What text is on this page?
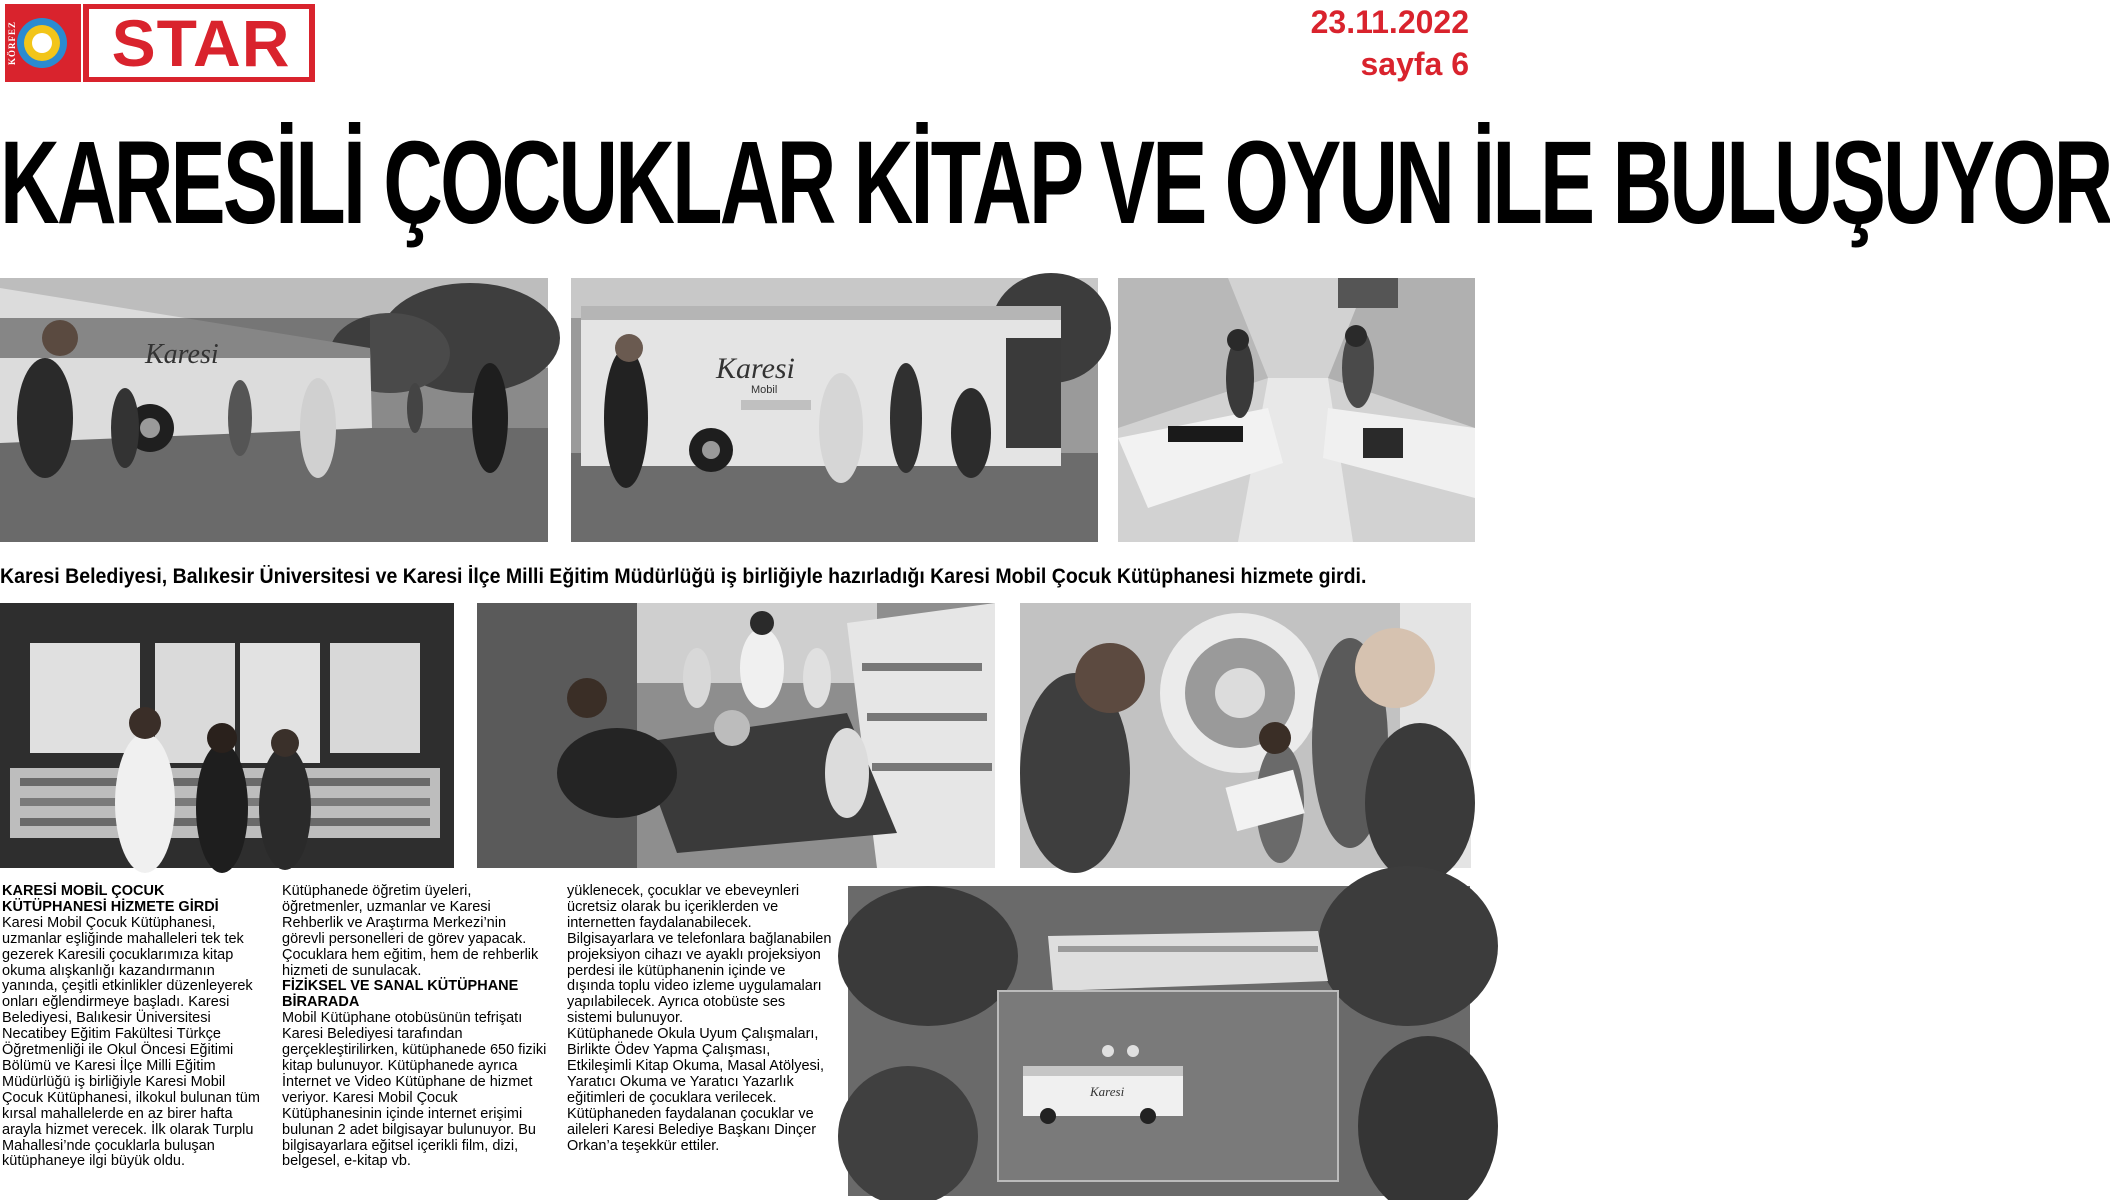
KÖRFEZ	STAR	23.11.2022
sayfa 6
KARESİLİ ÇOCUKLAR KİTAP VE OYUN İLE BULUŞUYOR
Karesi	Karesi
Mobil
Karesi Belediyesi, Balıkesir Üniversitesi ve Karesi İlçe Milli Eğitim Müdürlüğü iş birliğiyle hazırladığı Karesi Mobil Çocuk Kütüphanesi hizmete girdi.

KARESİ MOBİL ÇOCUK KÜTÜPHANESİ HİZMETE GİRDİ

Karesi Mobil Çocuk Kütüphanesi, uzmanlar eşliğinde mahalleleri tek tek gezerek Karesili çocuklarımıza kitap okuma alışkanlığı kazandırmanın yanında, çeşitli etkinlikler düzenleyerek onları eğlendirmeye başladı. Karesi Belediyesi, Balıkesir Üniversitesi Necatibey Eğitim Fakültesi Türkçe Öğretmenliği ile Okul Öncesi Eğitimi Bölümü ve Karesi İlçe Milli Eğitim Müdürlüğü iş birliğiyle Karesi Mobil Çocuk Kütüphanesi, ilkokul bulunan tüm kırsal mahallelerde en az birer hafta arayla hizmet verecek. İlk olarak Turplu Mahallesi’nde çocuklarla buluşan kütüphaneye ilgi büyük oldu.

Kütüphanede öğretim üyeleri, öğretmenler, uzmanlar ve Karesi Rehberlik ve Araştırma Merkezi’nin görevli personelleri de görev yapacak. Çocuklara hem eğitim, hem de rehberlik hizmeti de sunulacak.

FİZİKSEL VE SANAL KÜTÜPHANE BİRARADA

Mobil Kütüphane otobüsünün tefrişatı Karesi Belediyesi tarafından gerçekleştirilirken, kütüphanede 650 fiziki kitap bulunuyor. Kütüphanede ayrıca İnternet ve Video Kütüphane de hizmet veriyor. Karesi Mobil Çocuk Kütüphanesinin içinde internet erişimi bulunan 2 adet bilgisayar bulunuyor. Bu bilgisayarlara eğitsel içerikli film, dizi, belgesel, e-kitap vb.

yüklenecek, çocuklar ve ebeveynleri ücretsiz olarak bu içeriklerden ve internetten faydalanabilecek. Bilgisayarlara ve telefonlara bağlanabilen projeksiyon cihazı ve ayaklı projeksiyon perdesi ile kütüphanenin içinde ve dışında toplu video izleme uygulamaları yapılabilecek. Ayrıca otobüste ses sistemi bulunuyor.

Kütüphanede Okula Uyum Çalışmaları, Birlikte Ödev Yapma Çalışması, Etkileşimli Kitap Okuma, Masal Atölyesi, Yaratıcı Okuma ve Yaratıcı Yazarlık eğitimleri de çocuklara verilecek. Kütüphaneden faydalanan çocuklar ve aileleri Karesi Belediye Başkanı Dinçer Orkan’a teşekkür ettiler.

Karesi
